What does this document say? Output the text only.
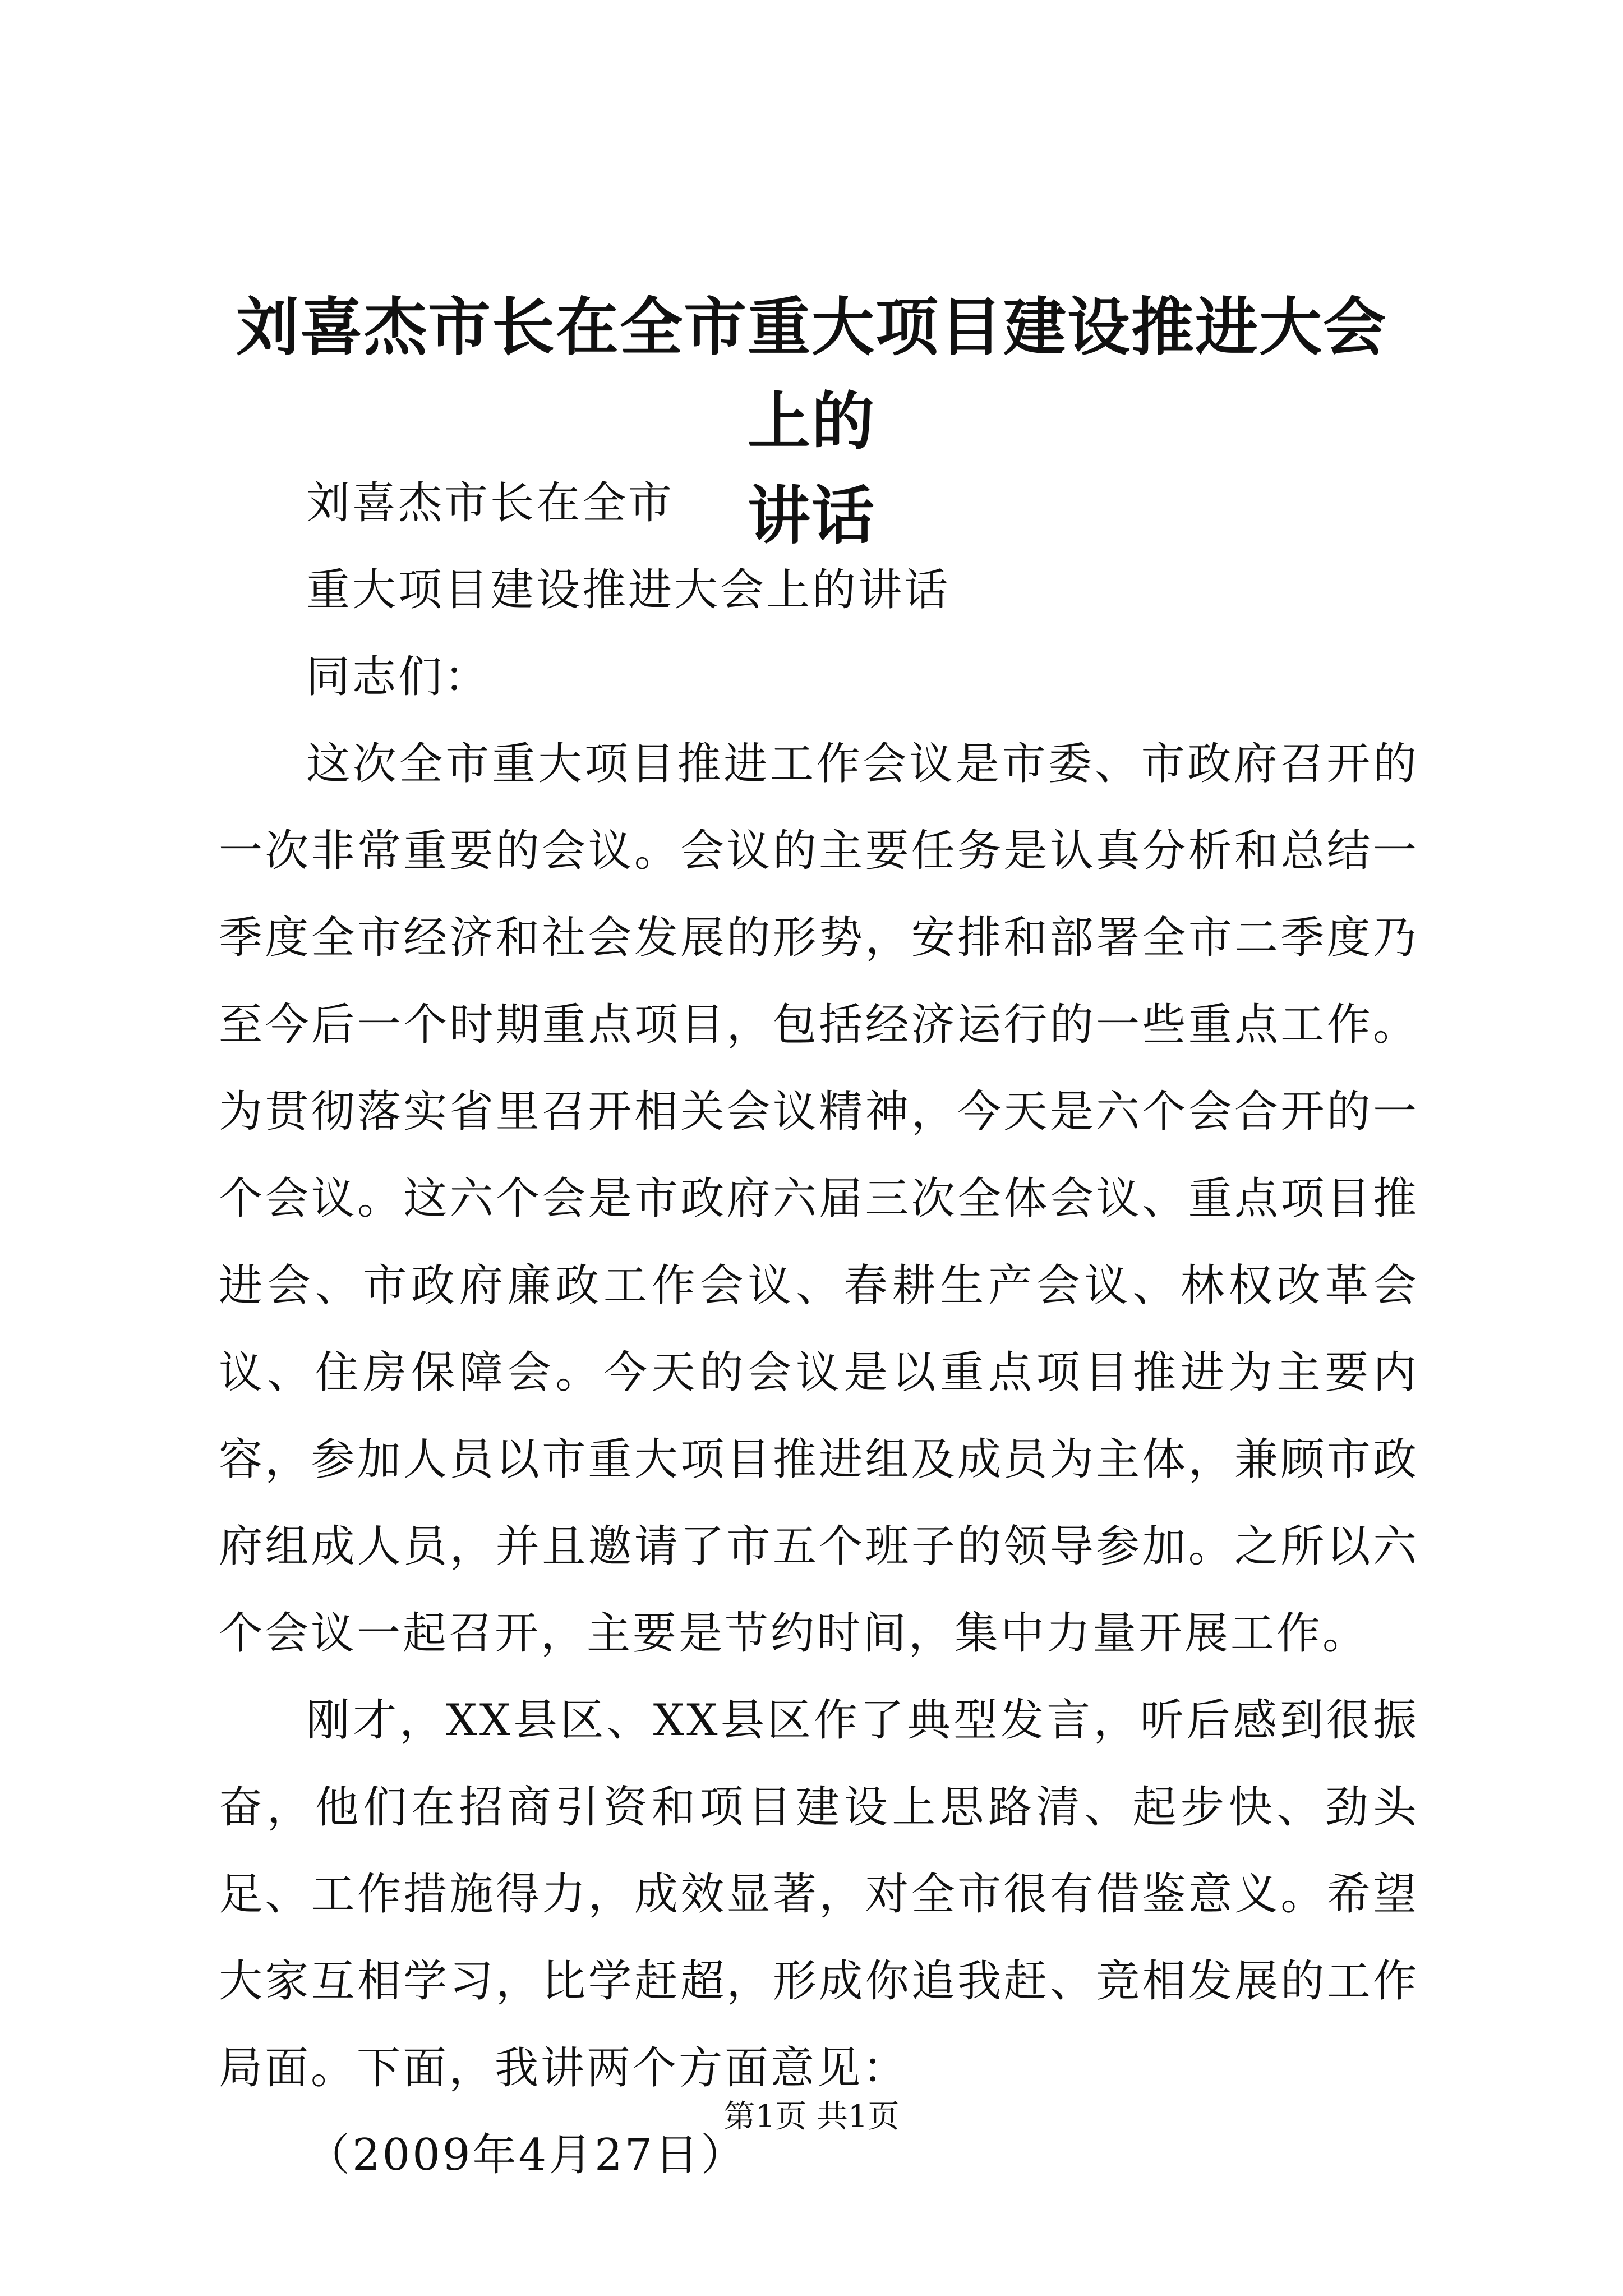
刘喜杰市长在全市重大项目建设推进大会上的
讲话

刘喜杰市长在全市

重大项目建设推进大会上的讲话

同志们：

这次全市重大项目推进工作会议是市委、市政府召开的一次非常重要的会议。会议的主要任务是认真分析和总结一季度全市经济和社会发展的形势，安排和部署全市二季度乃至今后一个时期重点项目，包括经济运行的一些重点工作。为贯彻落实省里召开相关会议精神，今天是六个会合开的一个会议。这六个会是市政府六届三次全体会议、重点项目推进会、市政府廉政工作会议、春耕生产会议、林权改革会议、住房保障会。今天的会议是以重点项目推进为主要内容，参加人员以市重大项目推进组及成员为主体，兼顾市政府组成人员，并且邀请了市五个班子的领导参加。之所以六个会议一起召开，主要是节约时间，集中力量开展工作。

刚才，XX县区、XX县区作了典型发言，听后感到很振奋，他们在招商引资和项目建设上思路清、起步快、劲头足、工作措施得力，成效显著，对全市很有借鉴意义。希望大家互相学习，比学赶超，形成你追我赶、竞相发展的工作局面。下面，我讲两个方面意见：

（2009年4月27日）

第1页 共1页
